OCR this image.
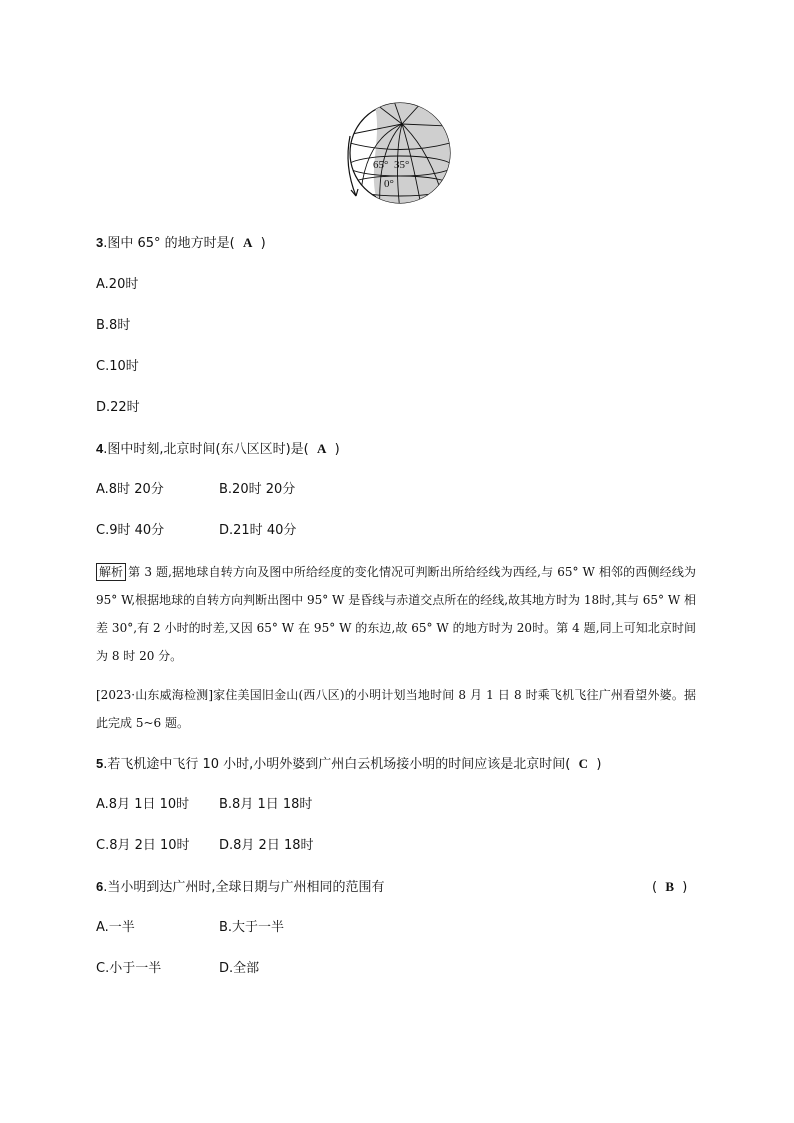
65° 35°
0°
3.图中 65° 的地方时是( A )
A.20时
B.8时
C.10时
D.22时
4.图中时刻,北京时间(东八区区时)是( A )
A.8时 20分	B.20时 20分
C.9时 40分	D.21时 40分
解析 第 3 题,据地球自转方向及图中所给经度的变化情况可判断出所给经线为西经,与 65° W 相邻的西侧经线为 95° W,根据地球的自转方向判断出图中 95° W 是昏线与赤道交点所在的经线,故其地方时为 18时,其与 65° W 相差 30°,有 2 小时的时差,又因 65° W 在 95° W 的东边,故 65° W 的地方时为 20时。第 4 题,同上可知北京时间为 8 时 20 分。
[2023·山东威海检测]家住美国旧金山(西八区)的小明计划当地时间 8 月 1 日 8 时乘飞机飞往广州看望外婆。据此完成 5~6 题。
5.若飞机途中飞行 10 小时,小明外婆到广州白云机场接小明的时间应该是北京时间( C )
A.8月 1日 10时 B.8月 1日 18时
C.8月 2日 10时 D.8月 2日 18时
6.当小明到达广州时,全球日期与广州相同的范围有	( B )
A.一半	B.大于一半
C.小于一半	D.全部
